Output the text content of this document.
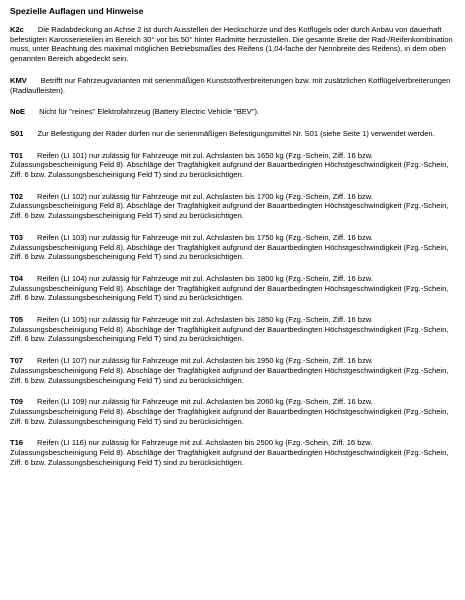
Spezielle Auflagen und Hinweise
K2c Die Radabdeckung an Achse 2 ist durch Ausstellen der Heckschürze und des Kotflügels oder durch Anbau von dauerhaft befestigten Karosserieteilen im Bereich 30° vor bis 50° hinter Radmitte herzustellen. Die gesamte Breite der Rad-/Reifenkombination muss, unter Beachtung des maximal möglichen Betriebsmaßes des Reifens (1,04-fache der Nennbreite des Reifens), in dem oben genannten Bereich abgedeckt sein.
KMV Betrifft nur Fahrzeugvarianten mit serienmäßigen Kunststoffverbreiterungen bzw. mit zusätzlichen Kotflügelverbreiterungen (Radlaufleisten).
NoE Nicht für "reines" Elektrofahrzeug (Battery Electric Vehicle "BEV").
S01 Zur Befestigung der Räder dürfen nur die serienmäßigen Befestigungsmittel Nr. S01 (siehe Seite 1) verwendet werden.
T01 Reifen (LI 101) nur zulässig für Fahrzeuge mit zul. Achslasten bis 1650 kg (Fzg.-Schein, Ziff. 16 bzw. Zulassungsbescheinigung Feld 8). Abschläge der Tragfähigkeit aufgrund der Bauartbedingten Höchstgeschwindigkeit (Fzg.-Schein, Ziff. 6 bzw. Zulassungsbescheinigung Feld T) sind zu berücksichtigen.
T02 Reifen (LI 102) nur zulässig für Fahrzeuge mit zul. Achslasten bis 1700 kg (Fzg.-Schein, Ziff. 16 bzw. Zulassungsbescheinigung Feld 8). Abschläge der Tragfähigkeit aufgrund der Bauartbedingten Höchstgeschwindigkeit (Fzg.-Schein, Ziff. 6 bzw. Zulassungsbescheinigung Feld T) sind zu berücksichtigen.
T03 Reifen (LI 103) nur zulässig für Fahrzeuge mit zul. Achslasten bis 1750 kg (Fzg.-Schein, Ziff. 16 bzw. Zulassungsbescheinigung Feld 8). Abschläge der Tragfähigkeit aufgrund der Bauartbedingten Höchstgeschwindigkeit (Fzg.-Schein, Ziff. 6 bzw. Zulassungsbescheinigung Feld T) sind zu berücksichtigen.
T04 Reifen (LI 104) nur zulässig für Fahrzeuge mit zul. Achslasten bis 1800 kg (Fzg.-Schein, Ziff. 16 bzw. Zulassungsbescheinigung Feld 8). Abschläge der Tragfähigkeit aufgrund der Bauartbedingten Höchstgeschwindigkeit (Fzg.-Schein, Ziff. 6 bzw. Zulassungsbescheinigung Feld T) sind zu berücksichtigen.
T05 Reifen (LI 105) nur zulässig für Fahrzeuge mit zul. Achslasten bis 1850 kg (Fzg.-Schein, Ziff. 16 bzw. Zulassungsbescheinigung Feld 8). Abschläge der Tragfähigkeit aufgrund der Bauartbedingten Höchstgeschwindigkeit (Fzg.-Schein, Ziff. 6 bzw. Zulassungsbescheinigung Feld T) sind zu berücksichtigen.
T07 Reifen (LI 107) nur zulässig für Fahrzeuge mit zul. Achslasten bis 1950 kg (Fzg.-Schein, Ziff. 16 bzw. Zulassungsbescheinigung Feld 8). Abschläge der Tragfähigkeit aufgrund der Bauartbedingten Höchstgeschwindigkeit (Fzg.-Schein, Ziff. 6 bzw. Zulassungsbescheinigung Feld T) sind zu berücksichtigen.
T09 Reifen (LI 109) nur zulässig für Fahrzeuge mit zul. Achslasten bis 2060 kg (Fzg.-Schein, Ziff. 16 bzw. Zulassungsbescheinigung Feld 8). Abschläge der Tragfähigkeit aufgrund der Bauartbedingten Höchstgeschwindigkeit (Fzg.-Schein, Ziff. 6 bzw. Zulassungsbescheinigung Feld T) sind zu berücksichtigen.
T16 Reifen (LI 116) nur zulässig für Fahrzeuge mit zul. Achslasten bis 2500 kg (Fzg.-Schein, Ziff. 16 bzw. Zulassungsbescheinigung Feld 8). Abschläge der Tragfähigkeit aufgrund der Bauartbedingten Höchstgeschwindigkeit (Fzg.-Schein, Ziff. 6 bzw. Zulassungsbescheinigung Feld T) sind zu berücksichtigen.
